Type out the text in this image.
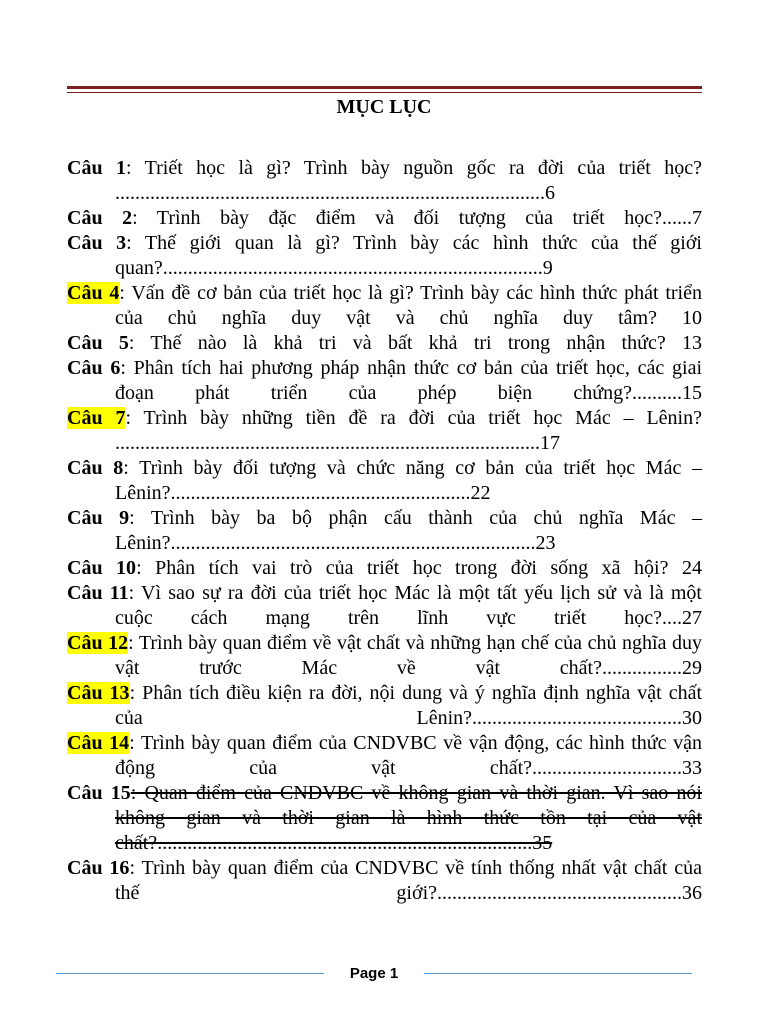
MỤC LỤC
Câu 1: Triết học là gì? Trình bày nguồn gốc ra đời của triết học? ......................................................................................6
Câu 2: Trình bày đặc điểm và đối tượng của triết học?......7
Câu 3: Thế giới quan là gì? Trình bày các hình thức của thế giới quan?............................................................................9
Câu 4: Vấn đề cơ bản của triết học là gì? Trình bày các hình thức phát triển của chủ nghĩa duy vật và chủ nghĩa duy tâm? 10
Câu 5: Thế nào là khả tri và bất khả tri trong nhận thức? 13
Câu 6: Phân tích hai phương pháp nhận thức cơ bản của triết học, các giai đoạn phát triển của phép biện chứng?..........15
Câu 7: Trình bày những tiền đề ra đời của triết học Mác – Lênin? .....................................................................................17
Câu 8: Trình bày đối tượng và chức năng cơ bản của triết học Mác – Lênin?............................................................22
Câu 9: Trình bày ba bộ phận cấu thành của chủ nghĩa Mác – Lênin?.........................................................................23
Câu 10: Phân tích vai trò của triết học trong đời sống xã hội? 24
Câu 11: Vì sao sự ra đời của triết học Mác là một tất yếu lịch sử và là một cuộc cách mạng trên lĩnh vực triết học?....27
Câu 12: Trình bày quan điểm về vật chất và những hạn chế của chủ nghĩa duy vật trước Mác về vật chất?................29
Câu 13: Phân tích điều kiện ra đời, nội dung và ý nghĩa định nghĩa vật chất của Lênin?..........................................30
Câu 14: Trình bày quan điểm của CNDVBC về vận động, các hình thức vận động của vật chất?..............................33
Câu 15: Quan điểm của CNDVBC về không gian và thời gian. Vì sao nói không gian và thời gian là hình thức tồn tại của vật chất?...........................................................................35
Câu 16: Trình bày quan điểm của CNDVBC về tính thống nhất vật chất của thế giới?.................................................36
Page 1
